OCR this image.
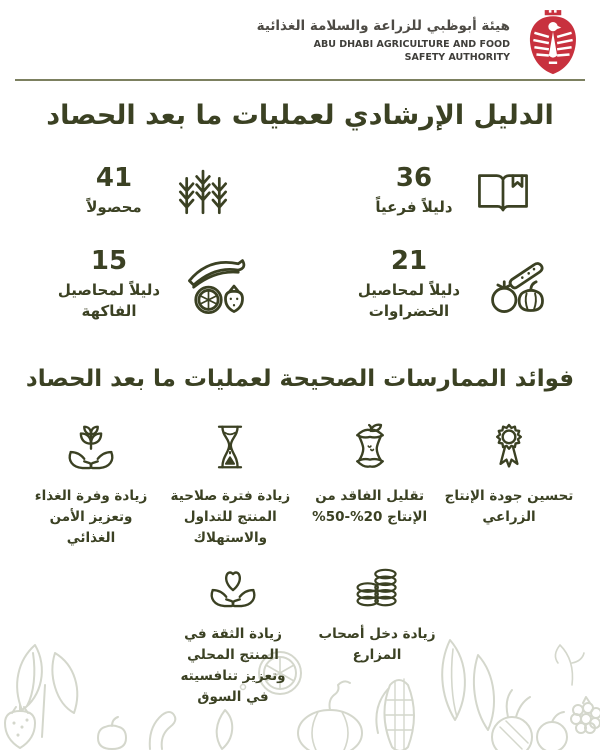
هيئة أبوظبي للزراعة والسلامة الغذائية
ABU DHABI AGRICULTURE AND FOOD
SAFETY AUTHORITY
الدليل الإرشادي لعمليات ما بعد الحصاد
36
دليلاً فرعياً
41
محصولاً
21
دليلاً لمحاصيل الخضراوات
15
دليلاً لمحاصيل الفاكهة
فوائد الممارسات الصحيحة لعمليات ما بعد الحصاد
تحسين جودة الإنتاج الزراعي
تقليل الفاقد من الإنتاج 20%-50%
زيادة فترة صلاحية المنتج للتداول والاستهلاك
زيادة وفرة الغذاء وتعزيز الأمن الغذائي
زيادة دخل أصحاب المزارع
زيادة الثقة في المنتج المحلي وتعزيز تنافسيته في السوق
